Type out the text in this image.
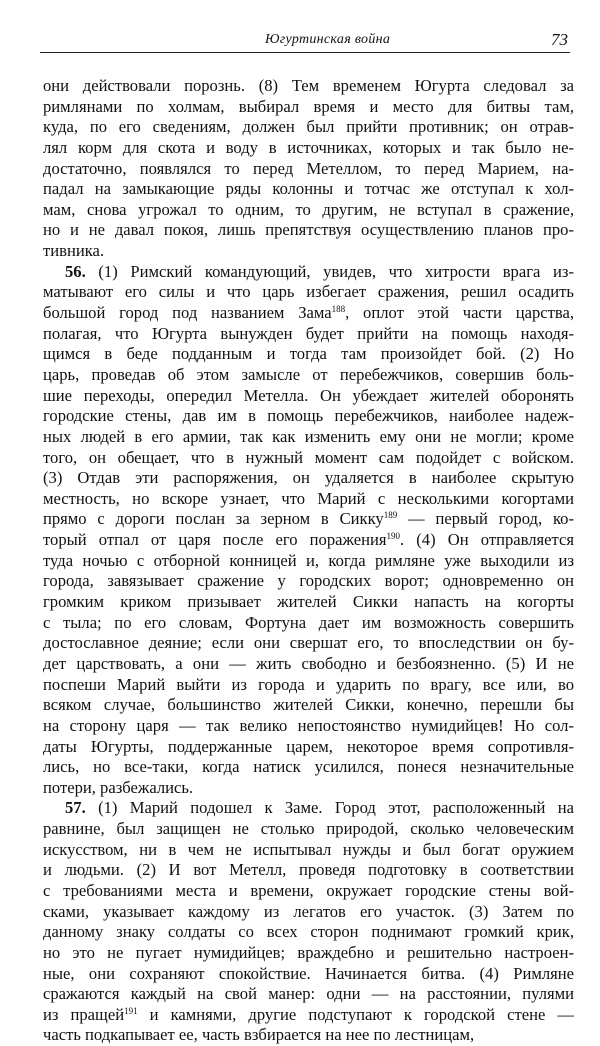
Югуртинская война	73
они действовали порознь. (8) Тем временем Югурта следовал за
римлянами по холмам, выбирал время и место для битвы там,
куда, по его сведениям, должен был прийти противник; он отрав-
лял корм для скота и воду в источниках, которых и так было не-
достаточно, появлялся то перед Метеллом, то перед Марием, на-
падал на замыкающие ряды колонны и тотчас же отступал к хол-
мам, снова угрожал то одним, то другим, не вступал в сражение,
но и не давал покоя, лишь препятствуя осуществлению планов про-
тивника.
56. (1) Римский командующий, увидев, что хитрости врага из-
матывают его силы и что царь избегает сражения, решил осадить
большой город под названием Зама$^{188}$, оплот этой части царства,
полагая, что Югурта вынужден будет прийти на помощь находя-
щимся в беде подданным и тогда там произойдет бой. (2) Но
царь, проведав об этом замысле от перебежчиков, совершив боль-
шие переходы, опередил Метелла. Он убеждает жителей оборонять
городские стены, дав им в помощь перебежчиков, наиболее надеж-
ных людей в его армии, так как изменить ему они не могли; кроме
того, он обещает, что в нужный момент сам подойдет с войском.
(3) Отдав эти распоряжения, он удаляется в наиболее скрытую
местность, но вскоре узнает, что Марий с несколькими когортами
прямо с дороги послан за зерном в Сикку$^{189}$ — первый город, ко-
торый отпал от царя после его поражения$^{190}$. (4) Он отправляется
туда ночью с отборной конницей и, когда римляне уже выходили из
города, завязывает сражение у городских ворот; одновременно он
громким криком призывает жителей Сикки напасть на когорты
с тыла; по его словам, Фортуна дает им возможность совершить
достославное деяние; если они свершат его, то впоследствии он бу-
дет царствовать, а они — жить свободно и безбоязненно. (5) И не
поспеши Марий выйти из города и ударить по врагу, все или, во
всяком случае, большинство жителей Сикки, конечно, перешли бы
на сторону царя — так велико непостоянство нумидийцев! Но сол-
даты Югурты, поддержанные царем, некоторое время сопротивля-
лись, но все-таки, когда натиск усилился, понеся незначительные
потери, разбежались.
57. (1) Марий подошел к Заме. Город этот, расположенный на
равнине, был защищен не столько природой, сколько человеческим
искусством, ни в чем не испытывал нужды и был богат оружием
и людьми. (2) И вот Метелл, проведя подготовку в соответствии
с требованиями места и времени, окружает городские стены вой-
сками, указывает каждому из легатов его участок. (3) Затем по
данному знаку солдаты со всех сторон поднимают громкий крик,
но это не пугает нумидийцев; враждебно и решительно настроен-
ные, они сохраняют спокойствие. Начинается битва. (4) Римляне
сражаются каждый на свой манер: одни — на расстоянии, пулями
из пращей$^{191}$ и камнями, другие подступают к городской стене —
часть подкапывает ее, часть взбирается на нее по лестницам,
